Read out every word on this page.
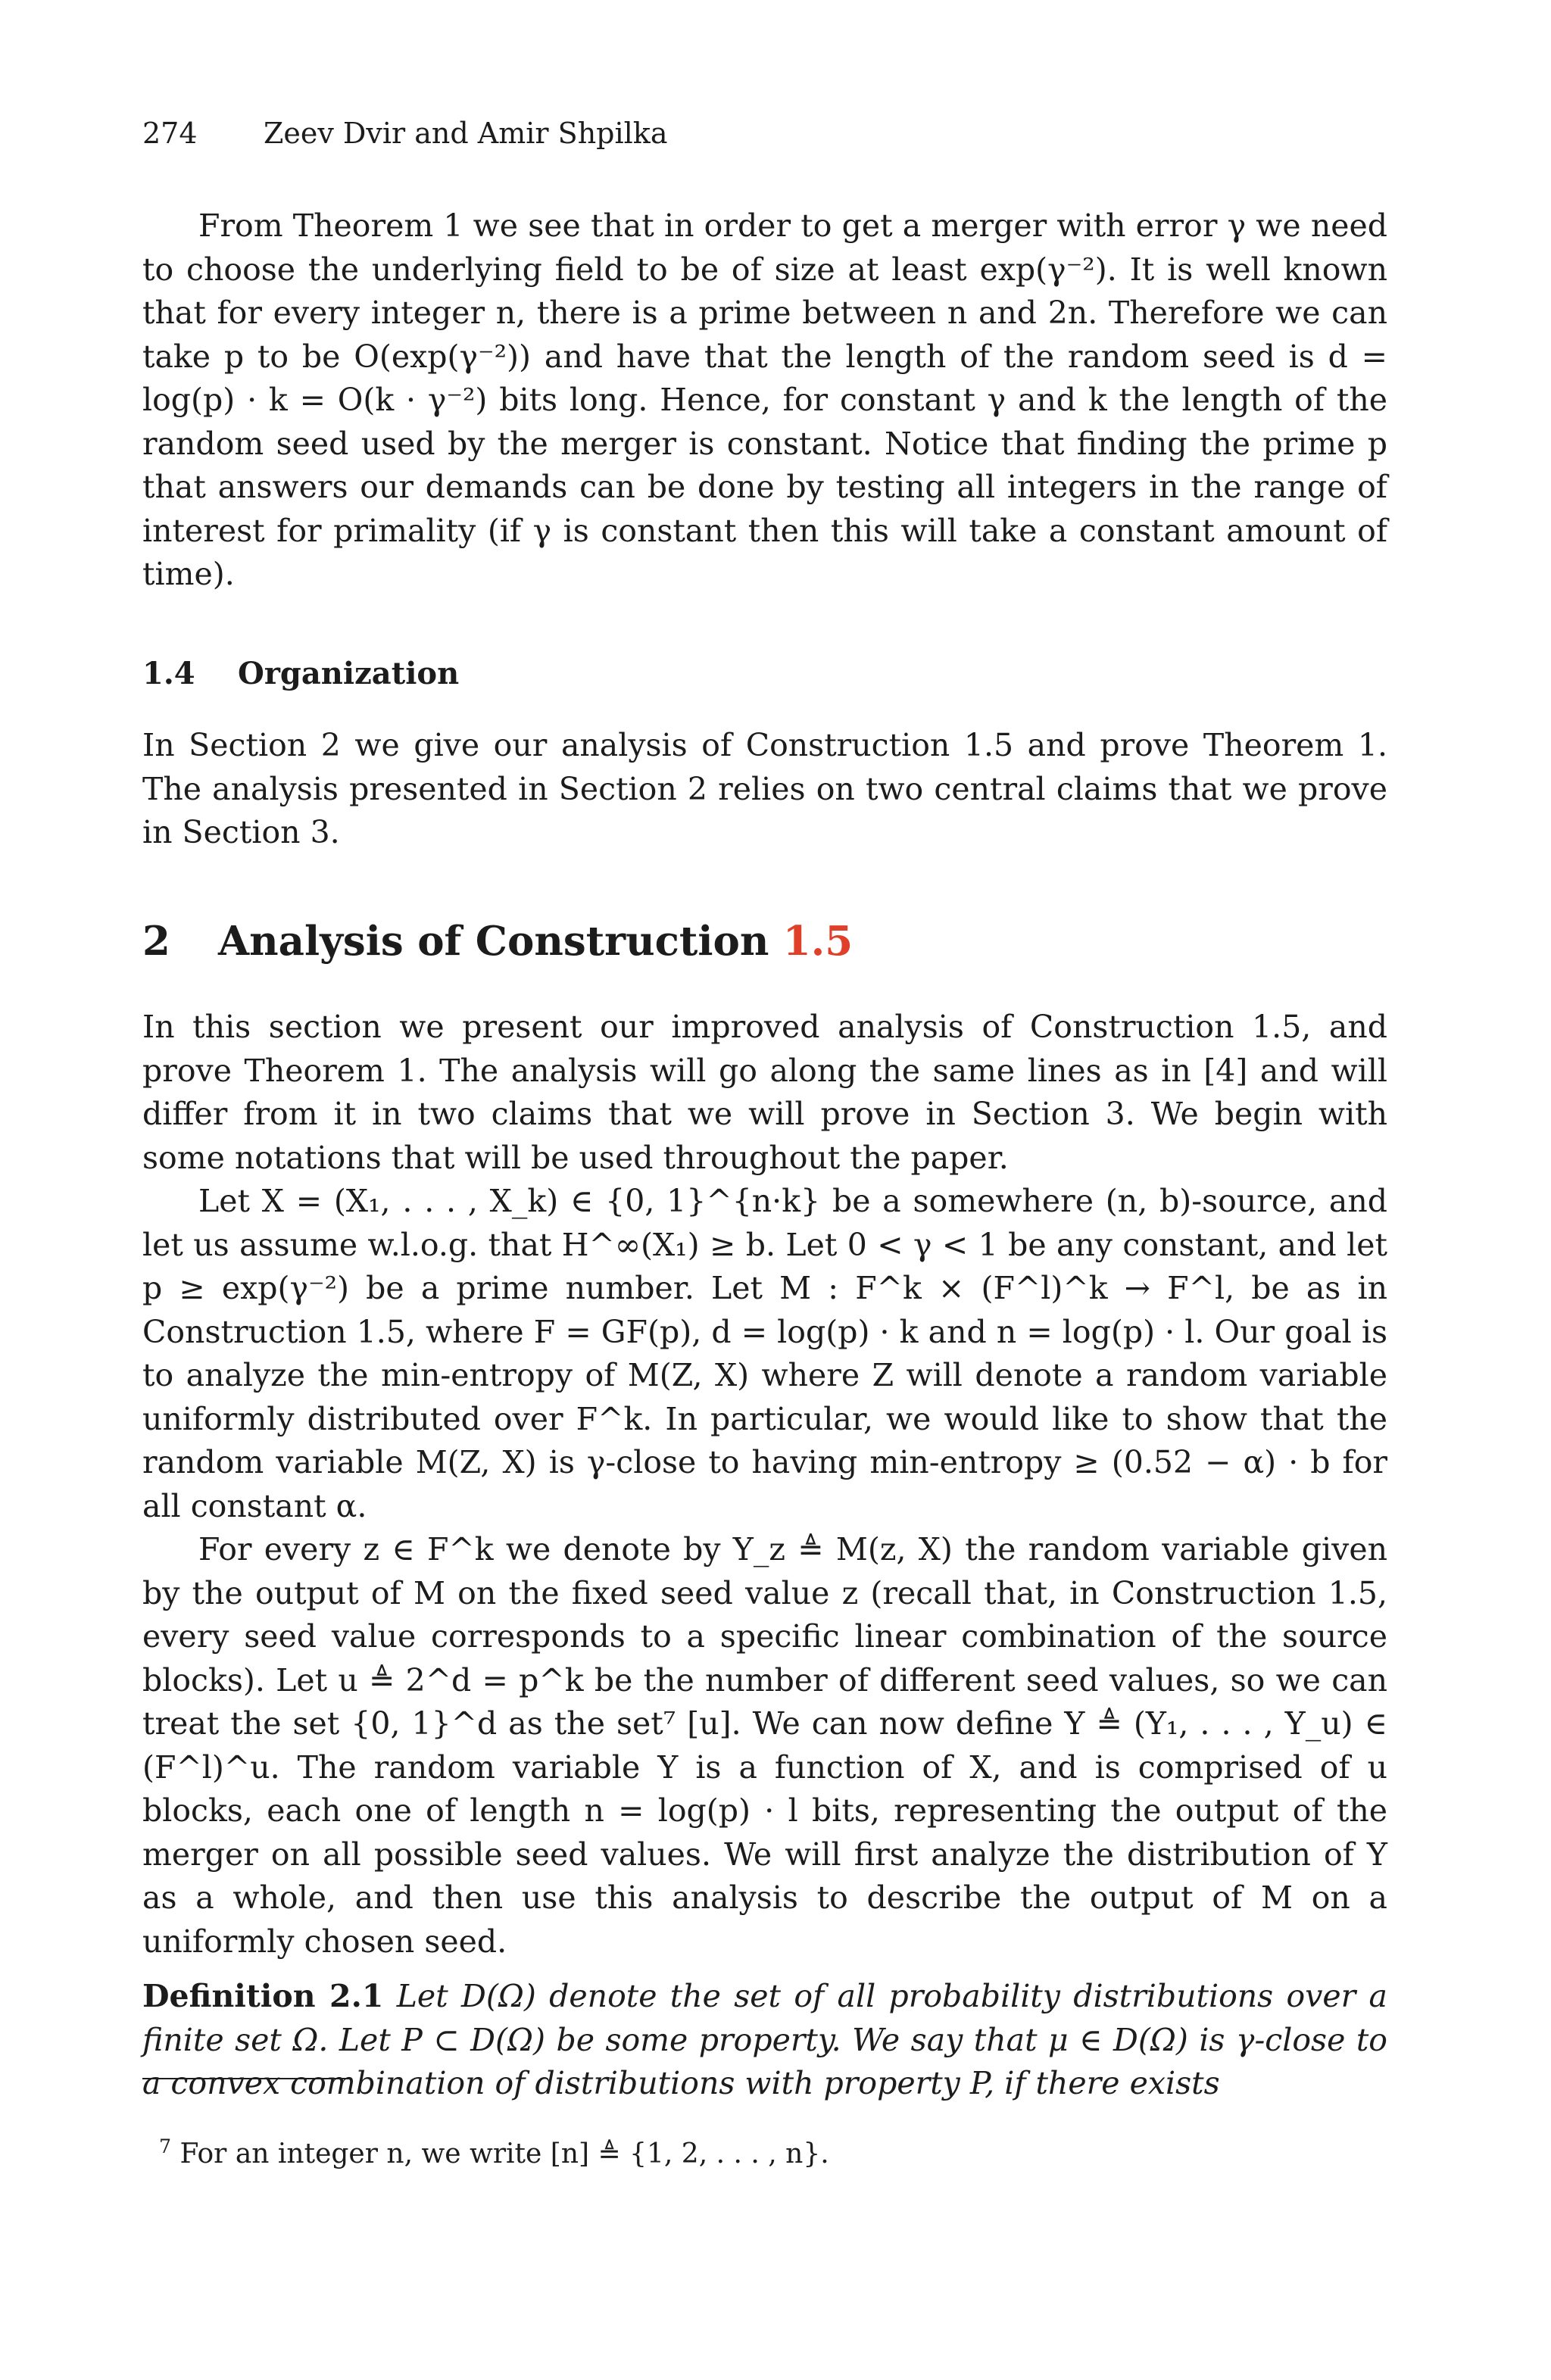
274 Zeev Dvir and Amir Shpilka

From Theorem 1 we see that in order to get a merger with error γ we need to choose the underlying field to be of size at least exp(γ⁻²). It is well known that for every integer n, there is a prime between n and 2n. Therefore we can take p to be O(exp(γ⁻²)) and have that the length of the random seed is d = log(p) · k = O(k · γ⁻²) bits long. Hence, for constant γ and k the length of the random seed used by the merger is constant. Notice that finding the prime p that answers our demands can be done by testing all integers in the range of interest for primality (if γ is constant then this will take a constant amount of time).

1.4 Organization

In Section 2 we give our analysis of Construction 1.5 and prove Theorem 1. The analysis presented in Section 2 relies on two central claims that we prove in Section 3.

2 Analysis of Construction 1.5

In this section we present our improved analysis of Construction 1.5, and prove Theorem 1. The analysis will go along the same lines as in [4] and will differ from it in two claims that we will prove in Section 3. We begin with some notations that will be used throughout the paper.

Let X = (X₁, . . . , X_k) ∈ {0, 1}^{n·k} be a somewhere (n, b)-source, and let us assume w.l.o.g. that H^∞(X₁) ≥ b. Let 0 < γ < 1 be any constant, and let p ≥ exp(γ⁻²) be a prime number. Let M : F^k × (F^l)^k → F^l, be as in Construction 1.5, where F = GF(p), d = log(p) · k and n = log(p) · l. Our goal is to analyze the min-entropy of M(Z, X) where Z will denote a random variable uniformly distributed over F^k. In particular, we would like to show that the random variable M(Z, X) is γ-close to having min-entropy ≥ (0.52 − α) · b for all constant α.

For every z ∈ F^k we denote by Y_z ≜ M(z, X) the random variable given by the output of M on the fixed seed value z (recall that, in Construction 1.5, every seed value corresponds to a specific linear combination of the source blocks). Let u ≜ 2^d = p^k be the number of different seed values, so we can treat the set {0, 1}^d as the set⁷ [u]. We can now define Y ≜ (Y₁, . . . , Y_u) ∈ (F^l)^u. The random variable Y is a function of X, and is comprised of u blocks, each one of length n = log(p) · l bits, representing the output of the merger on all possible seed values. We will first analyze the distribution of Y as a whole, and then use this analysis to describe the output of M on a uniformly chosen seed.

Definition 2.1 Let D(Ω) denote the set of all probability distributions over a finite set Ω. Let P ⊂ D(Ω) be some property. We say that μ ∈ D(Ω) is γ-close to a convex combination of distributions with property P, if there exists

$^7$ For an integer n, we write [n] ≜ {1, 2, . . . , n}.
